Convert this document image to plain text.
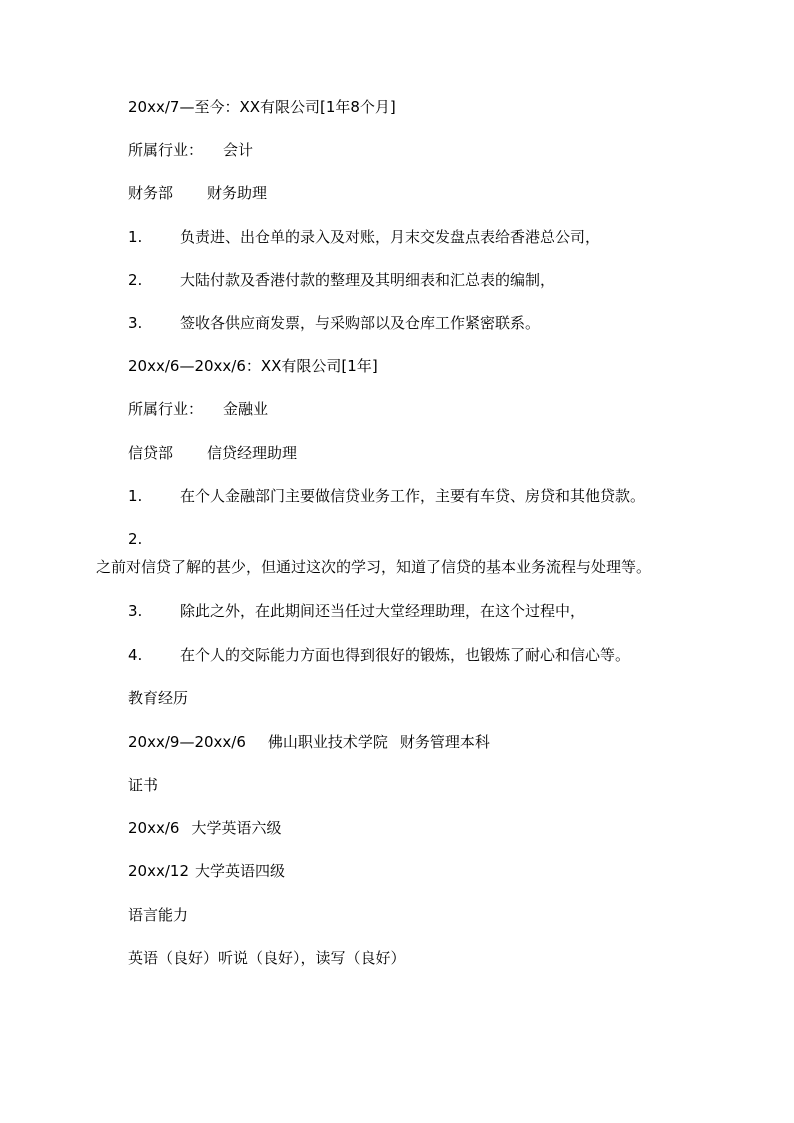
20xx/7—至今：XX有限公司[1年8个月]
所属行业： 会计
财务部 财务助理
1.	负责进、出仓单的录入及对账，月末交发盘点表给香港总公司，
2.	大陆付款及香港付款的整理及其明细表和汇总表的编制，
3.	签收各供应商发票，与采购部以及仓库工作紧密联系。
20xx/6—20xx/6：XX有限公司[1年]
所属行业： 金融业
信贷部 信贷经理助理
1.	在个人金融部门主要做信贷业务工作，主要有车贷、房贷和其他贷款。
2.
之前对信贷了解的甚少，但通过这次的学习，知道了信贷的基本业务流程与处理等。
3.	除此之外，在此期间还当任过大堂经理助理，在这个过程中，
4.	在个人的交际能力方面也得到很好的锻炼，也锻炼了耐心和信心等。
教育经历
20xx/9—20xx/6 佛山职业技术学院 财务管理本科
证书
20xx/6 大学英语六级
20xx/12 大学英语四级
语言能力
英语（良好）听说（良好），读写（良好）
